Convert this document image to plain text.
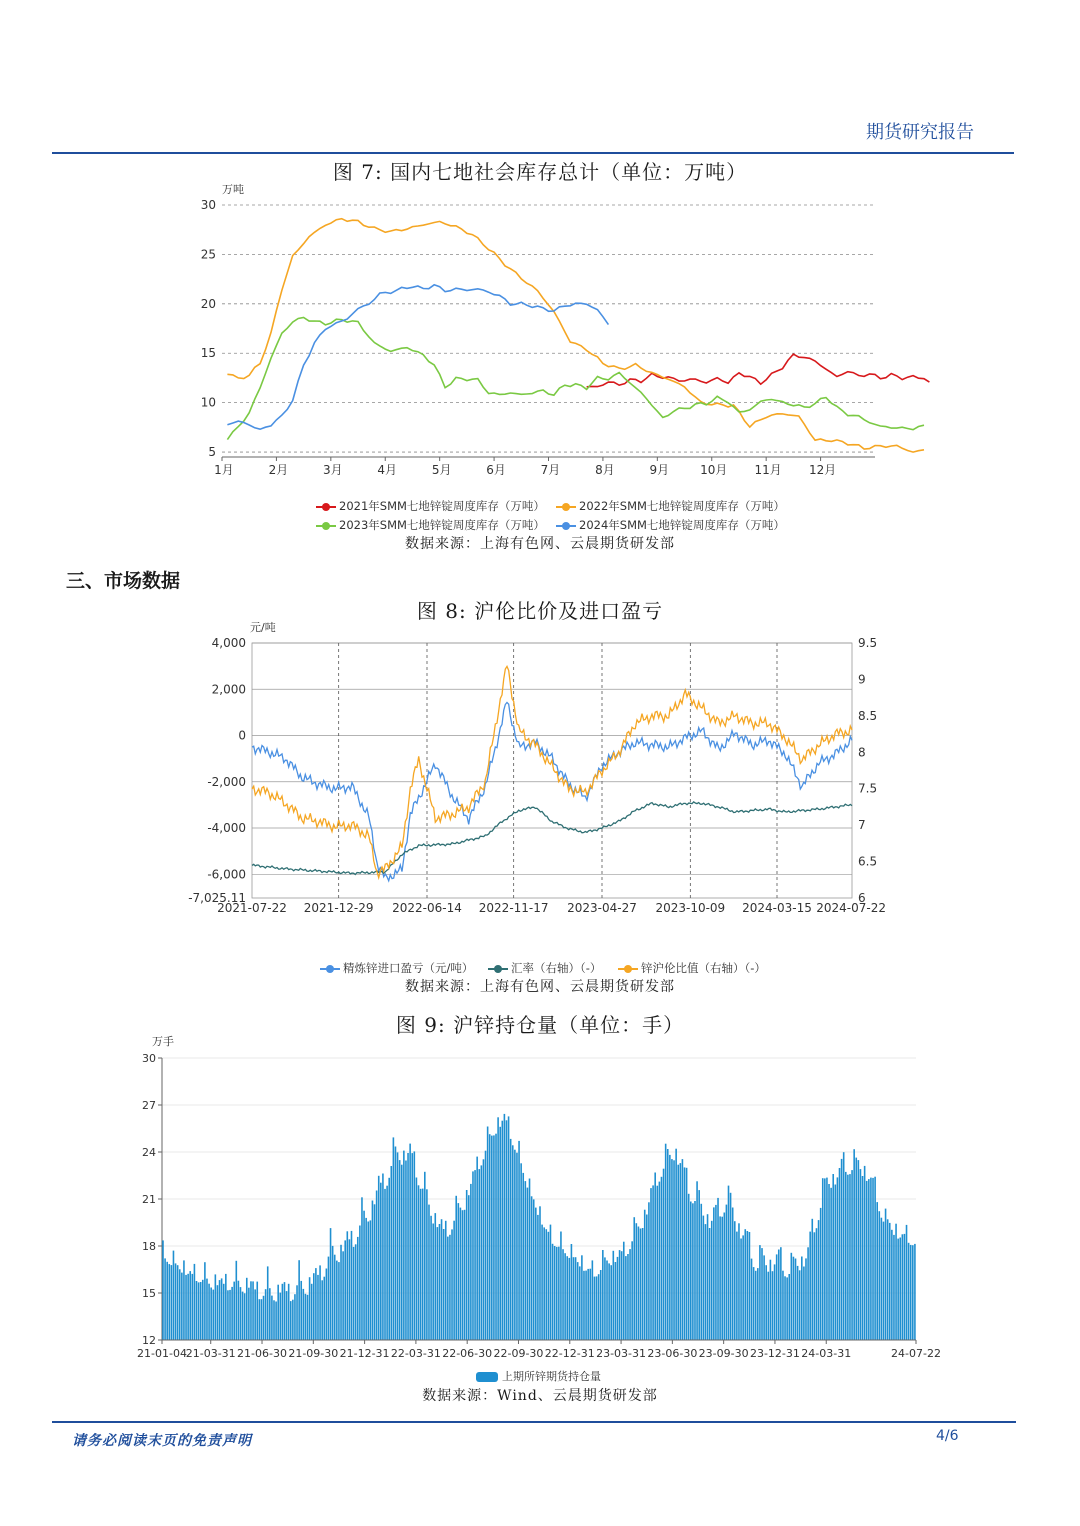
期货研究报告
图 7: 国内七地社会库存总计（单位：万吨）
万吨
5
10
15
20
25
30
1月	2月	3月	4月	5月	6月	7月	8月	9月	10月 11月 12月
2021年SMM七地锌锭周度库存（万吨）	2022年SMM七地锌锭周度库存（万吨）
2023年SMM七地锌锭周度库存（万吨）	2024年SMM七地锌锭周度库存（万吨）
数据来源：上海有色网、云晨期货研发部
三、市场数据
图 8: 沪伦比价及进口盈亏
元/吨
4,000
2,000
0
-2,000
-4,000
-6,000
-7,025.11	6
6.5
7
7.5
8
8.5
9
9.5
2021-07-22 2021-12-29 2022-06-14 2022-11-17 2023-04-27 2023-10-09 2024-03-15 2024-07-22
精炼锌进口盈亏（元/吨）	汇率（右轴）（-）	锌沪伦比值（右轴）（-）
数据来源：上海有色网、云晨期货研发部
图 9: 沪锌持仓量（单位：手）
万手
12
15
18
21
24
27
30
21-01-04
21-03-31 21-06-30 21-09-30 21-12-31 22-03-31 22-06-30 22-09-30 22-12-31 23-03-31 23-06-30 23-09-30 23-12-31 24-03-31	24-07-22
上期所锌期货持仓量
数据来源：Wind、云晨期货研发部
请务必阅读末页的免责声明	4/6
